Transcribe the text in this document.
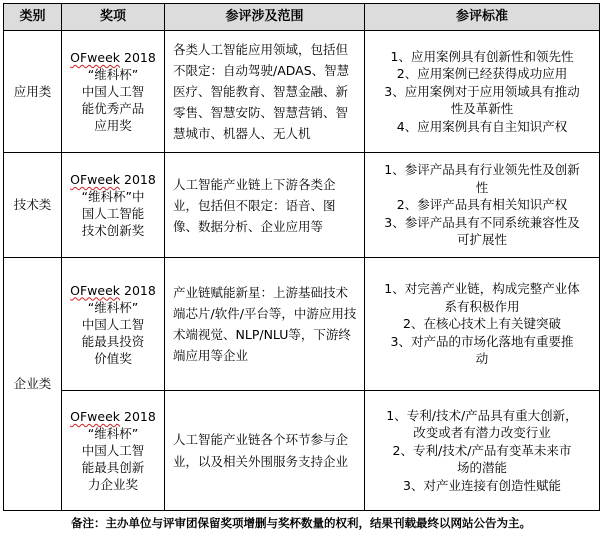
类别	奖项	参评涉及范围	参评标准
应用类	OFweek 2018
“维科杯”
中国人工智
能优秀产品
应用奖	各类人工智能应用领域，包括但不限定：自动驾驶/ADAS、智慧医疗、智能教育、智慧金融、新零售、智慧安防、智慧营销、智慧城市、机器人、无人机	1、应用案例具有创新性和领先性
2、应用案例已经获得成功应用
3、应用案例对于应用领域具有推动
性及革新性
4、应用案例具有自主知识产权

技术类	OFweek 2018
“维科杯”中
国人工智能
技术创新奖	人工智能产业链上下游各类企业，包括但不限定：语音、图像、数据分析、企业应用等	1、参评产品具有行业领先性及创新
性
2、参评产品具有相关知识产权
3、参评产品具有不同系统兼容性及
可扩展性

企业类	OFweek 2018
“维科杯”
中国人工智
能最具投资
价值奖	产业链赋能新星：上游基础技术端芯片/软件/平台等，中游应用技术端视觉、NLP/NLU等，下游终端应用等企业	1、对完善产业链，构成完整产业体
系有积极作用
2、在核心技术上有关键突破
3、对产品的市场化落地有重要推
动

	OFweek 2018
“维科杯”
中国人工智
能最具创新
力企业奖	人工智能产业链各个环节参与企业，以及相关外围服务支持企业	1、专利/技术/产品具有重大创新，
改变或者有潜力改变行业
2、专利/技术/产品有变革未来市
场的潜能
3、对产业连接有创造性赋能
备注：主办单位与评审团保留奖项增删与奖杯数量的权利，结果刊载最终以网站公告为主。
